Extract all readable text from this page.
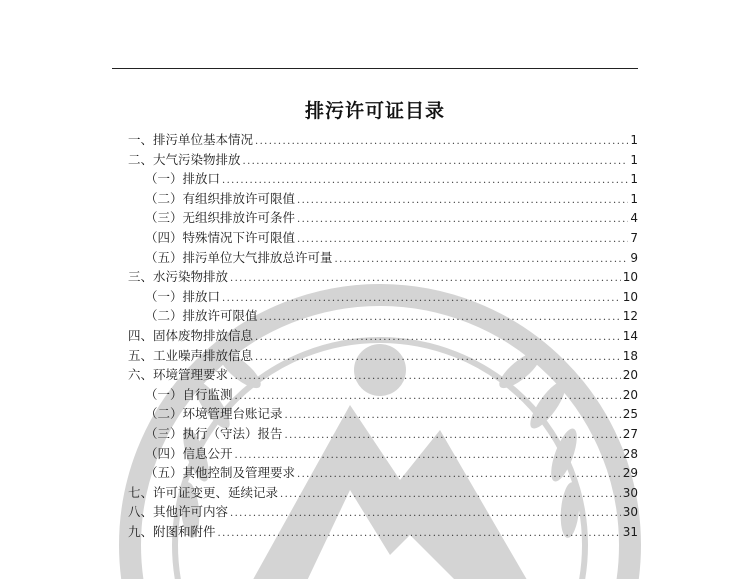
排污许可证目录
一、排污单位基本情况 .....	1
二、大气污染物排放 .....	1
（一）排放口 .....	1
（二）有组织排放许可限值 .....	1
（三）无组织排放许可条件 .....	4
（四）特殊情况下许可限值 .....	7
（五）排污单位大气排放总许可量 .....	9
三、水污染物排放 .....	10
（一）排放口 .....	10
（二）排放许可限值 .....	12
四、固体废物排放信息 .....	14
五、工业噪声排放信息 .....	18
六、环境管理要求 .....	20
（一）自行监测 .....	20
（二）环境管理台账记录 .....	25
（三）执行（守法）报告 .....	27
（四）信息公开 .....	28
（五）其他控制及管理要求 .....	29
七、许可证变更、延续记录 .....	30
八、其他许可内容 .....	30
九、附图和附件 .....	31
